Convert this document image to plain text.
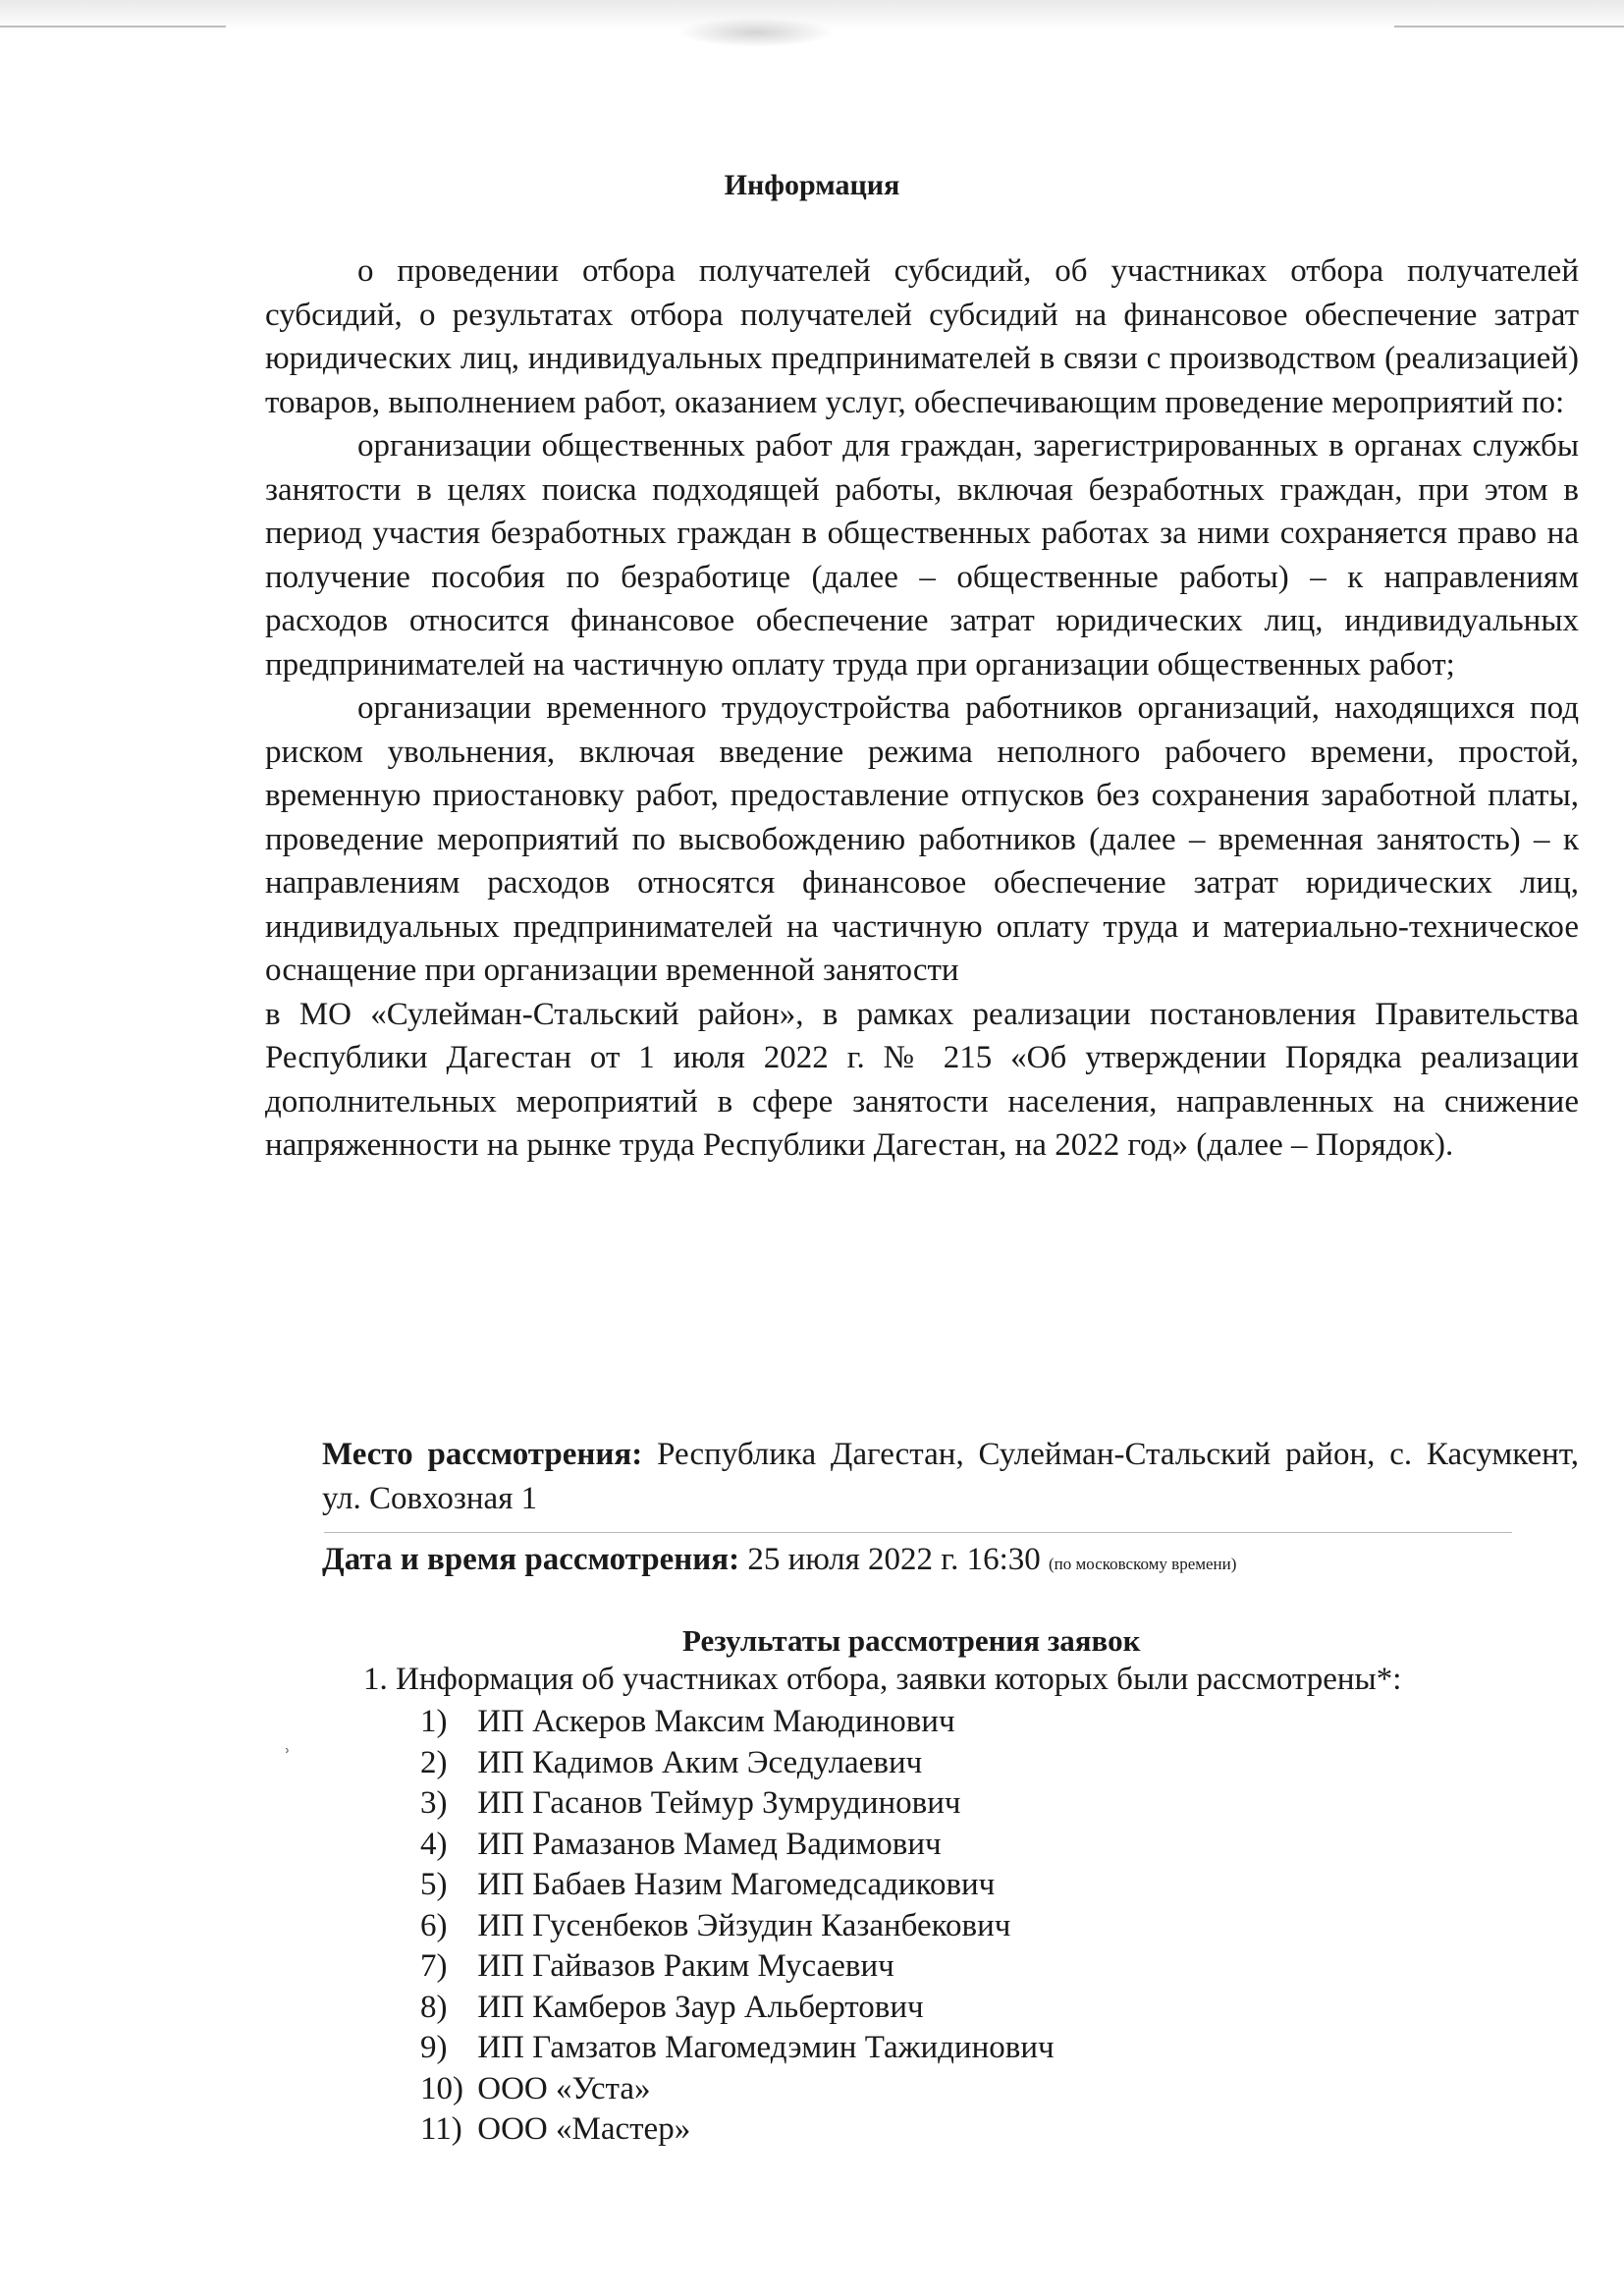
ʾ
Информация

о проведении отбора получателей субсидий, об участниках отбора получателей субсидий, о результатах отбора получателей субсидий на финансовое обеспечение затрат юридических лиц, индивидуальных предпринимателей в связи с производством (реализацией) товаров, выполнением работ, оказанием услуг, обеспечивающим проведение мероприятий по:

организации общественных работ для граждан, зарегистрированных в органах службы занятости в целях поиска подходящей работы, включая безработных граждан, при этом в период участия безработных граждан в общественных работах за ними сохраняется право на получение пособия по безработице (далее – общественные работы) – к направлениям расходов относится финансовое обеспечение затрат юридических лиц, индивидуальных предпринимателей на частичную оплату труда при организации общественных работ;

организации временного трудоустройства работников организаций, находящихся под риском увольнения, включая введение режима неполного рабочего времени, простой, временную приостановку работ, предоставление отпусков без сохранения заработной платы, проведение мероприятий по высвобождению работников (далее – временная занятость) – к направлениям расходов относятся финансовое обеспечение затрат юридических лиц, индивидуальных предпринимателей на частичную оплату труда и материально-техническое оснащение при организации временной занятости

в МО «Сулейман-Стальский район», в рамках реализации постановления Правительства Республики Дагестан от 1 июля 2022 г. № 215 «Об утверждении Порядка реализации дополнительных мероприятий в сфере занятости населения, направленных на снижение напряженности на рынке труда Республики Дагестан, на 2022 год» (далее – Порядок).

Место рассмотрения: Республика Дагестан, Сулейман-Стальский район, с. Касумкент, ул. Совхозная 1
Дата и время рассмотрения: 25 июля 2022 г. 16:30 (по московскому времени)
Результаты рассмотрения заявок
1. Информация об участниках отбора, заявки которых были рассмотрены*:
1) ИП Аскеров Максим Маюдинович
2) ИП Кадимов Аким Эседулаевич
3) ИП Гасанов Теймур Зумрудинович
4) ИП Рамазанов Мамед Вадимович
5) ИП Бабаев Назим Магомедсадикович
6) ИП Гусенбеков Эйзудин Казанбекович
7) ИП Гайвазов Раким Мусаевич
8) ИП Камберов Заур Альбертович
9) ИП Гамзатов Магомедэмин Тажидинович
10) ООО «Уста»
11) ООО «Мастер»
